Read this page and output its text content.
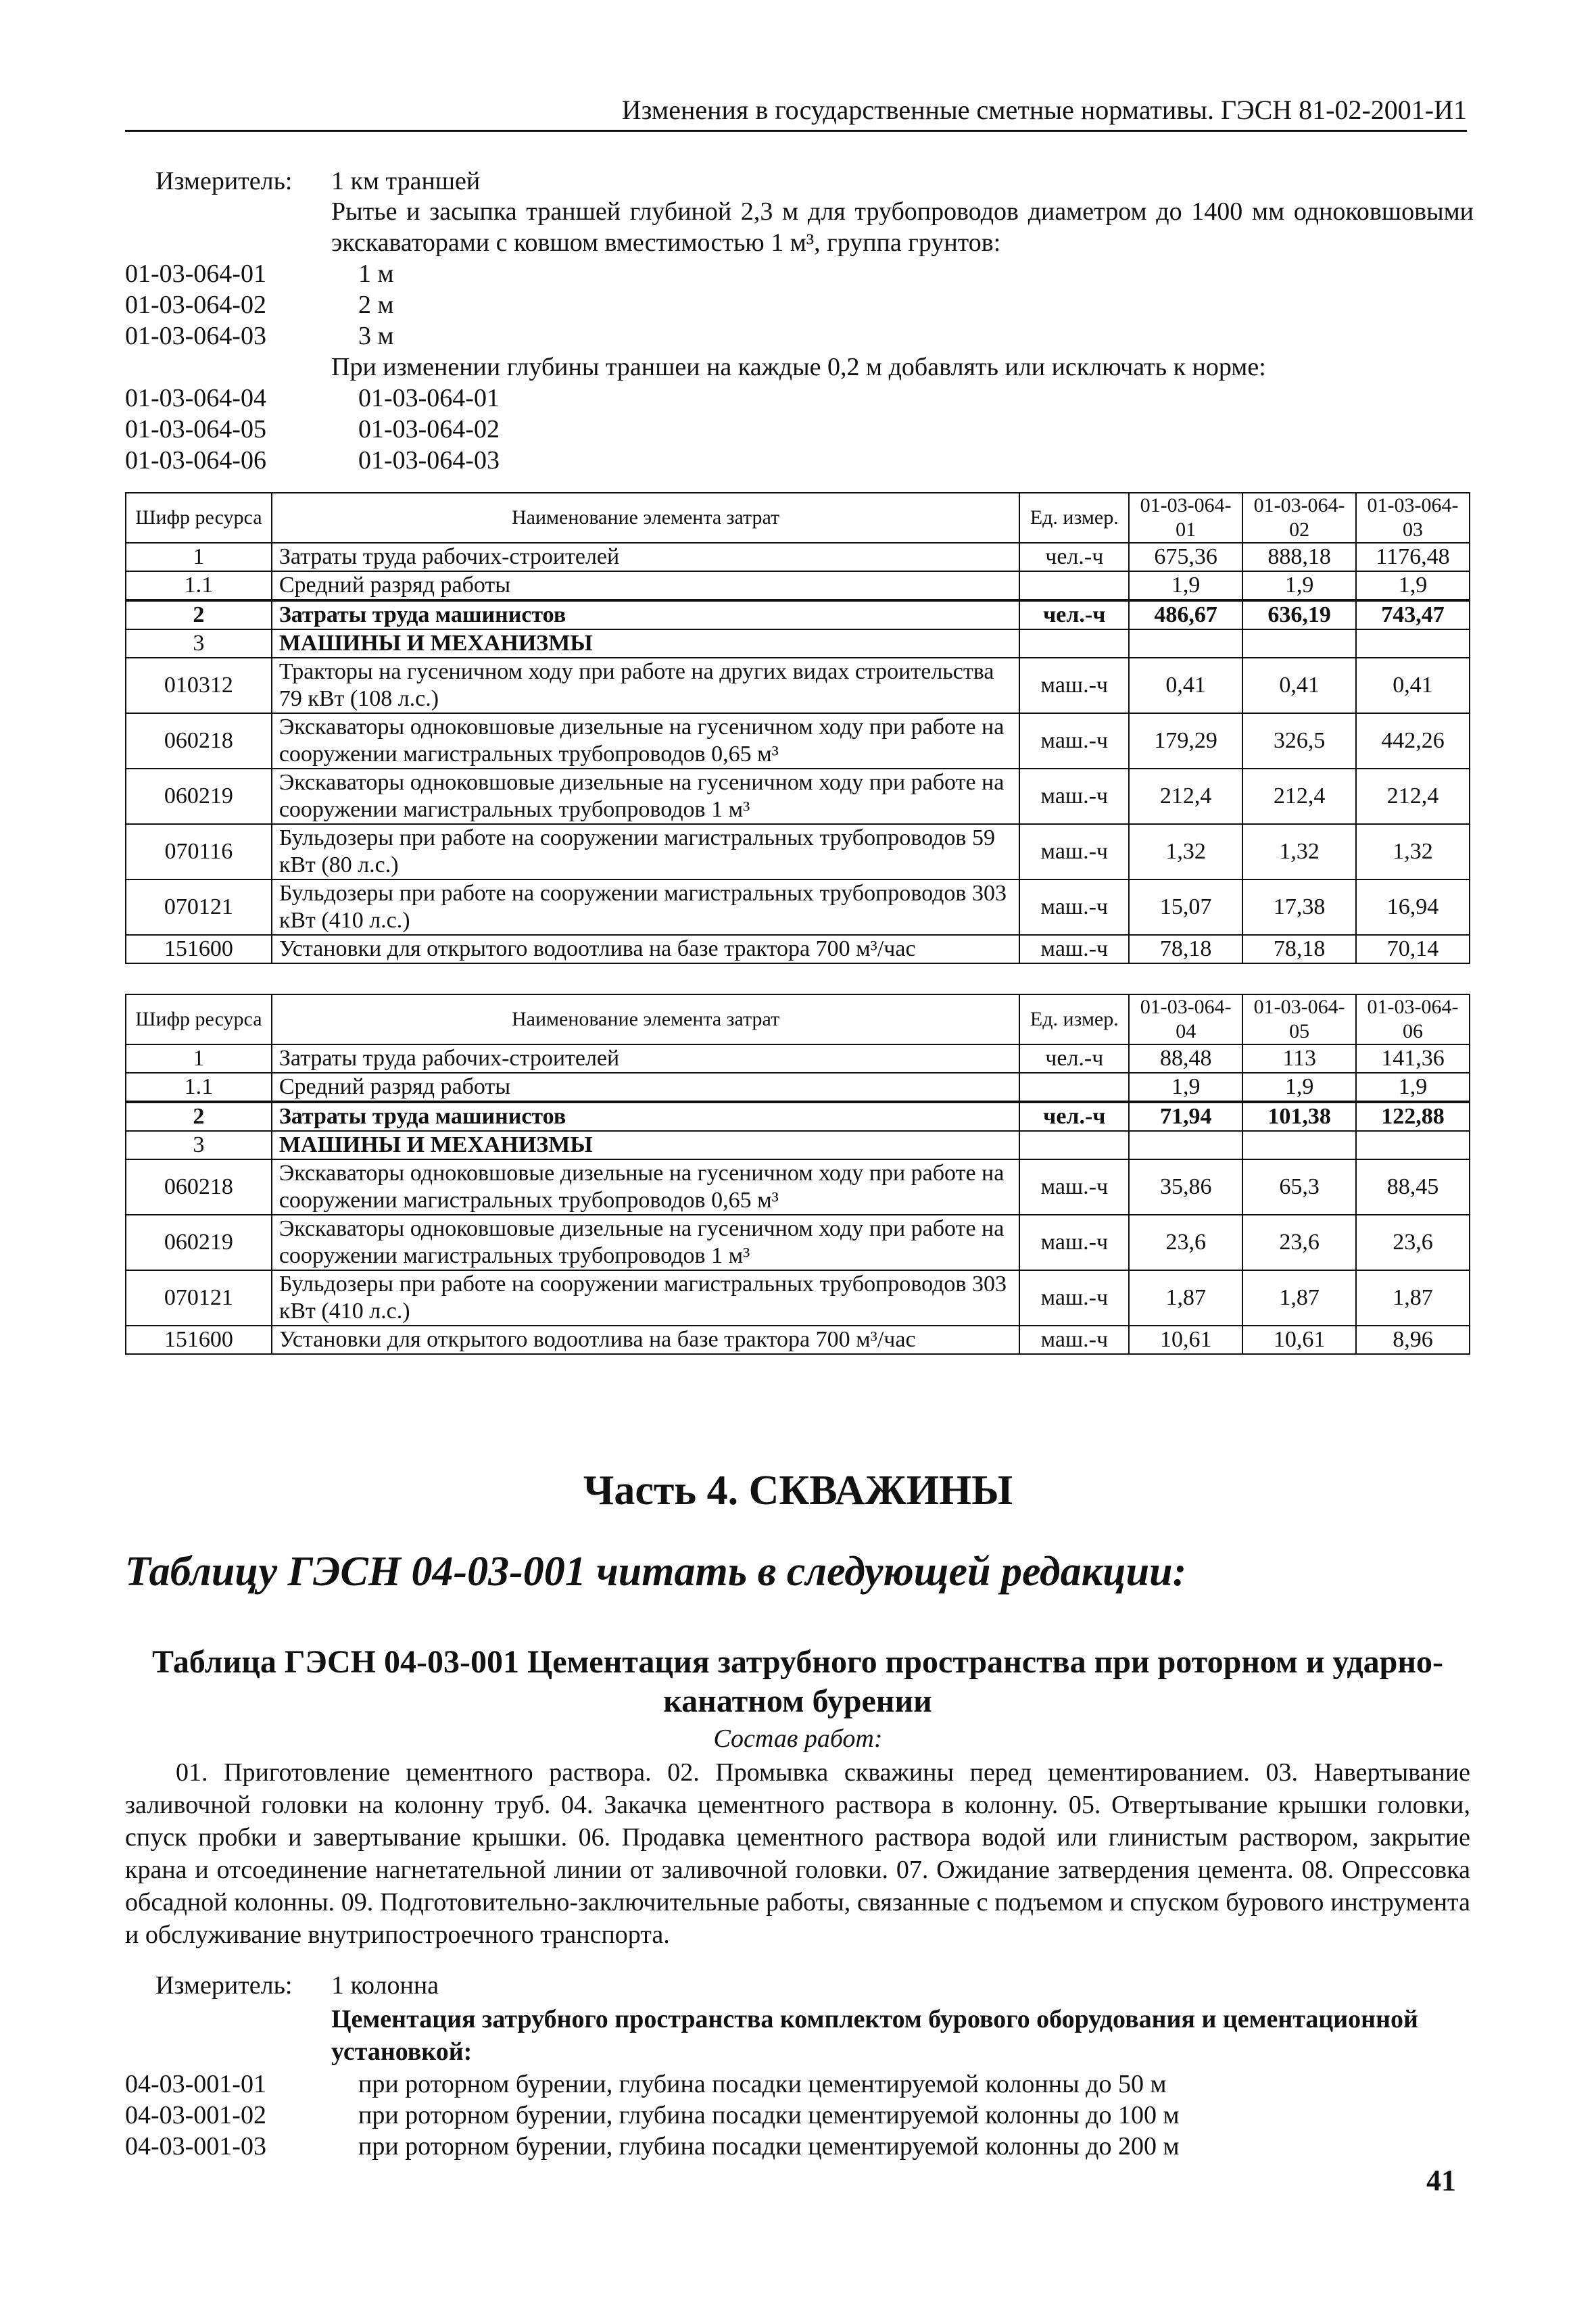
Изменения в государственные сметные нормативы. ГЭСН 81-02-2001-И1
Измеритель: 1 км траншей
Рытье и засыпка траншей глубиной 2,3 м для трубопроводов диаметром до 1400 мм одноковшовыми экскаваторами с ковшом вместимостью 1 м³, группа грунтов:
01-03-064-01	1 м
01-03-064-02	2 м
01-03-064-03	3 м
При изменении глубины траншеи на каждые 0,2 м добавлять или исключать к норме:
01-03-064-04	01-03-064-01
01-03-064-05	01-03-064-02
01-03-064-06	01-03-064-03
Шифр ресурса	Наименование элемента затрат	Ед. измер.	01-03-064-01	01-03-064-02	01-03-064-03
1	Затраты труда рабочих-строителей	чел.-ч	675,36	888,18	1176,48
1.1	Средний разряд работы		1,9	1,9	1,9
2	Затраты труда машинистов	чел.-ч	486,67	636,19	743,47
3	МАШИНЫ И МЕХАНИЗМЫ				
010312	Тракторы на гусеничном ходу при работе на других видах строительства 79 кВт (108 л.с.)	маш.-ч	0,41	0,41	0,41
060218	Экскаваторы одноковшовые дизельные на гусеничном ходу при работе на сооружении магистральных трубопроводов 0,65 м³	маш.-ч	179,29	326,5	442,26
060219	Экскаваторы одноковшовые дизельные на гусеничном ходу при работе на сооружении магистральных трубопроводов 1 м³	маш.-ч	212,4	212,4	212,4
070116	Бульдозеры при работе на сооружении магистральных трубопроводов 59 кВт (80 л.с.)	маш.-ч	1,32	1,32	1,32
070121	Бульдозеры при работе на сооружении магистральных трубопроводов 303 кВт (410 л.с.)	маш.-ч	15,07	17,38	16,94
151600	Установки для открытого водоотлива на базе трактора 700 м³/час	маш.-ч	78,18	78,18	70,14
Шифр ресурса	Наименование элемента затрат	Ед. измер.	01-03-064-04	01-03-064-05	01-03-064-06
1	Затраты труда рабочих-строителей	чел.-ч	88,48	113	141,36
1.1	Средний разряд работы		1,9	1,9	1,9
2	Затраты труда машинистов	чел.-ч	71,94	101,38	122,88
3	МАШИНЫ И МЕХАНИЗМЫ				
060218	Экскаваторы одноковшовые дизельные на гусеничном ходу при работе на сооружении магистральных трубопроводов 0,65 м³	маш.-ч	35,86	65,3	88,45
060219	Экскаваторы одноковшовые дизельные на гусеничном ходу при работе на сооружении магистральных трубопроводов 1 м³	маш.-ч	23,6	23,6	23,6
070121	Бульдозеры при работе на сооружении магистральных трубопроводов 303 кВт (410 л.с.)	маш.-ч	1,87	1,87	1,87
151600	Установки для открытого водоотлива на базе трактора 700 м³/час	маш.-ч	10,61	10,61	8,96
Часть 4. СКВАЖИНЫ
Таблицу ГЭСН 04-03-001 читать в следующей редакции:
Таблица ГЭСН 04-03-001 Цементация затрубного пространства при роторном и ударно-канатном бурении
Состав работ:
01. Приготовление цементного раствора. 02. Промывка скважины перед цементированием. 03. Навертывание заливочной головки на колонну труб. 04. Закачка цементного раствора в колонну. 05. Отвертывание крышки головки, спуск пробки и завертывание крышки. 06. Продавка цементного раствора водой или глинистым раствором, закрытие крана и отсоединение нагнетательной линии от заливочной головки. 07. Ожидание затвердения цемента. 08. Опрессовка обсадной колонны. 09. Подготовительно-заключительные работы, связанные с подъемом и спуском бурового инструмента и обслуживание внутрипостроечного транспорта.
Измеритель: 1 колонна
Цементация затрубного пространства комплектом бурового оборудования и цементационной установкой:
04-03-001-01	при роторном бурении, глубина посадки цементируемой колонны до 50 м
04-03-001-02	при роторном бурении, глубина посадки цементируемой колонны до 100 м
04-03-001-03	при роторном бурении, глубина посадки цементируемой колонны до 200 м
41
